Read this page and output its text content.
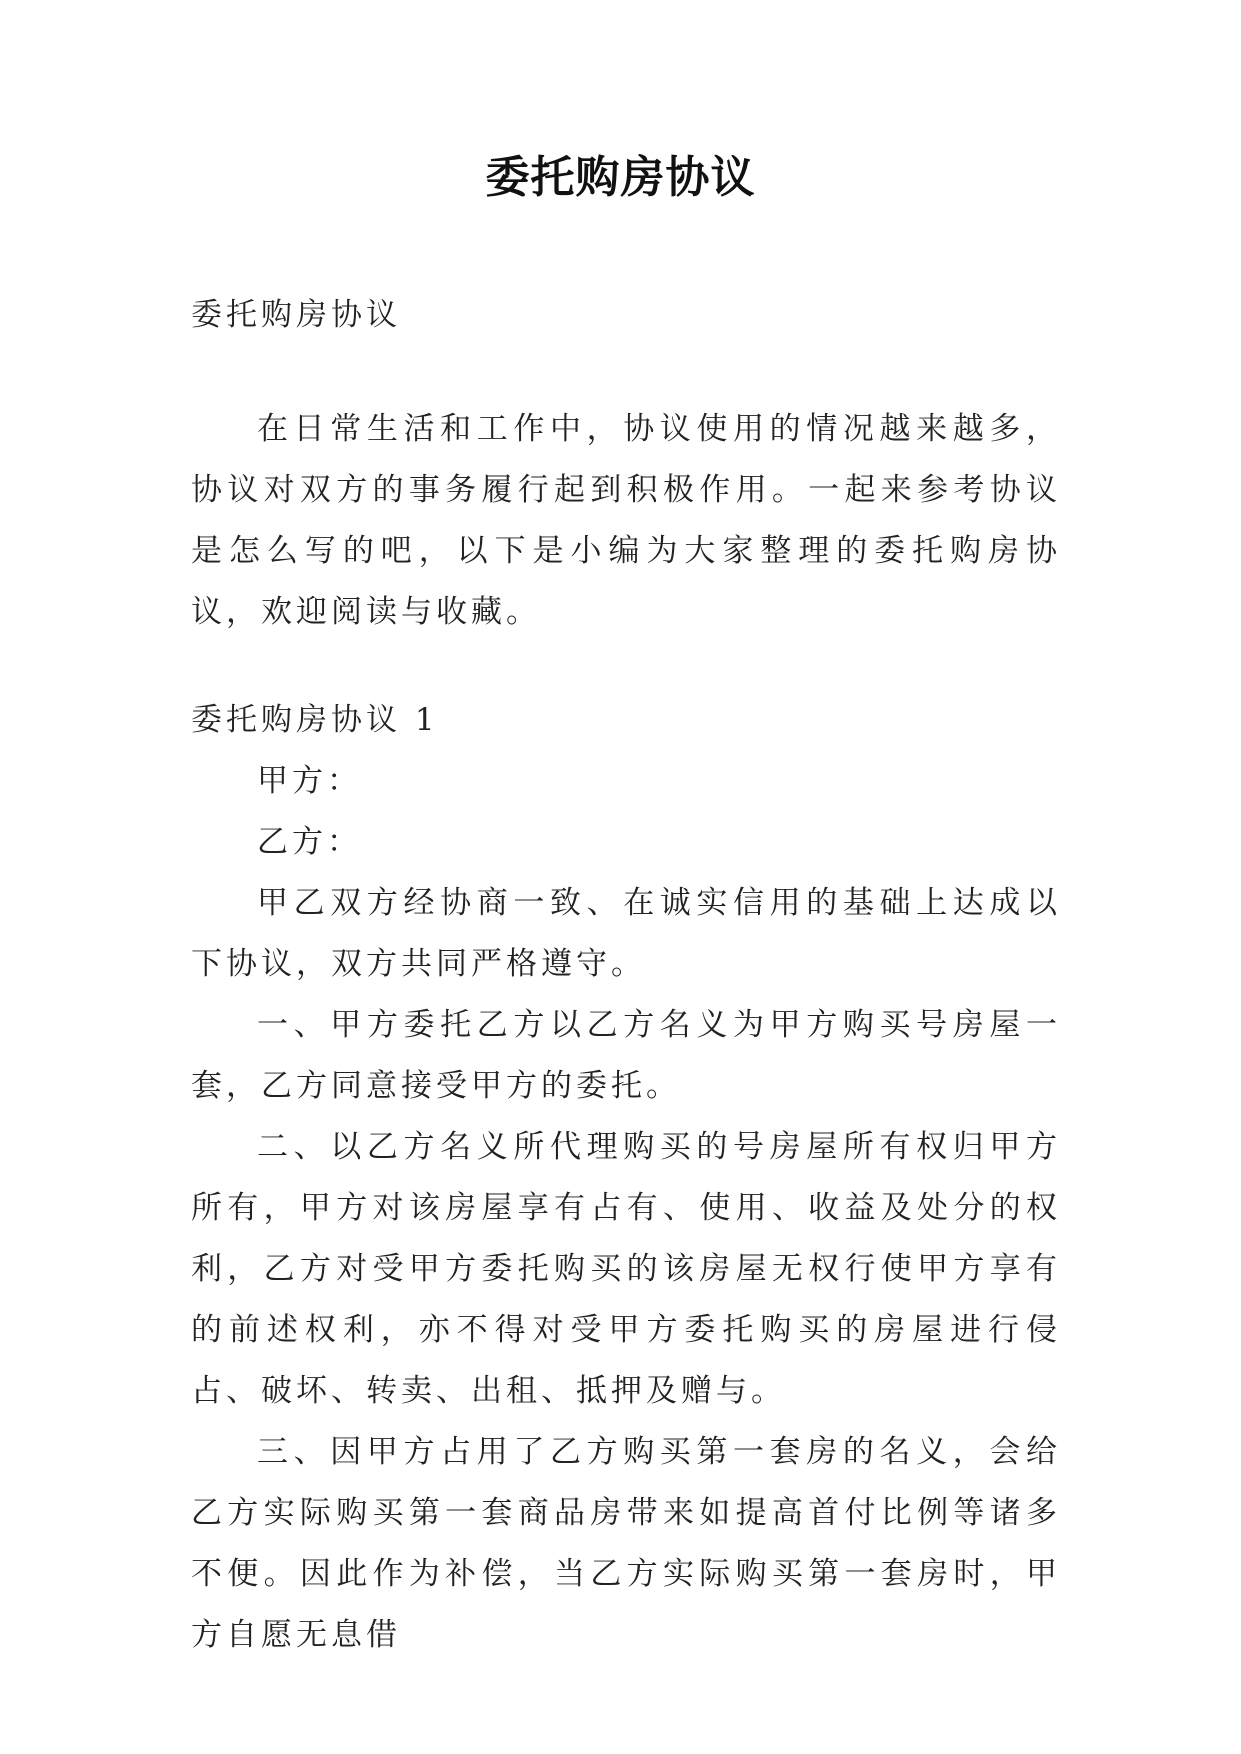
委托购房协议

委托购房协议

在日常生活和工作中，协议使用的情况越来越多，协议对双方的事务履行起到积极作用。一起来参考协议是怎么写的吧，以下是小编为大家整理的委托购房协议，欢迎阅读与收藏。

委托购房协议 1

甲方：

乙方：

甲乙双方经协商一致、在诚实信用的基础上达成以下协议，双方共同严格遵守。

一、甲方委托乙方以乙方名义为甲方购买号房屋一套，乙方同意接受甲方的委托。

二、以乙方名义所代理购买的号房屋所有权归甲方所有，甲方对该房屋享有占有、使用、收益及处分的权利，乙方对受甲方委托购买的该房屋无权行使甲方享有的前述权利，亦不得对受甲方委托购买的房屋进行侵占、破坏、转卖、出租、抵押及赠与。

三、因甲方占用了乙方购买第一套房的名义，会给乙方实际购买第一套商品房带来如提高首付比例等诸多不便。因此作为补偿，当乙方实际购买第一套房时，甲方自愿无息借
